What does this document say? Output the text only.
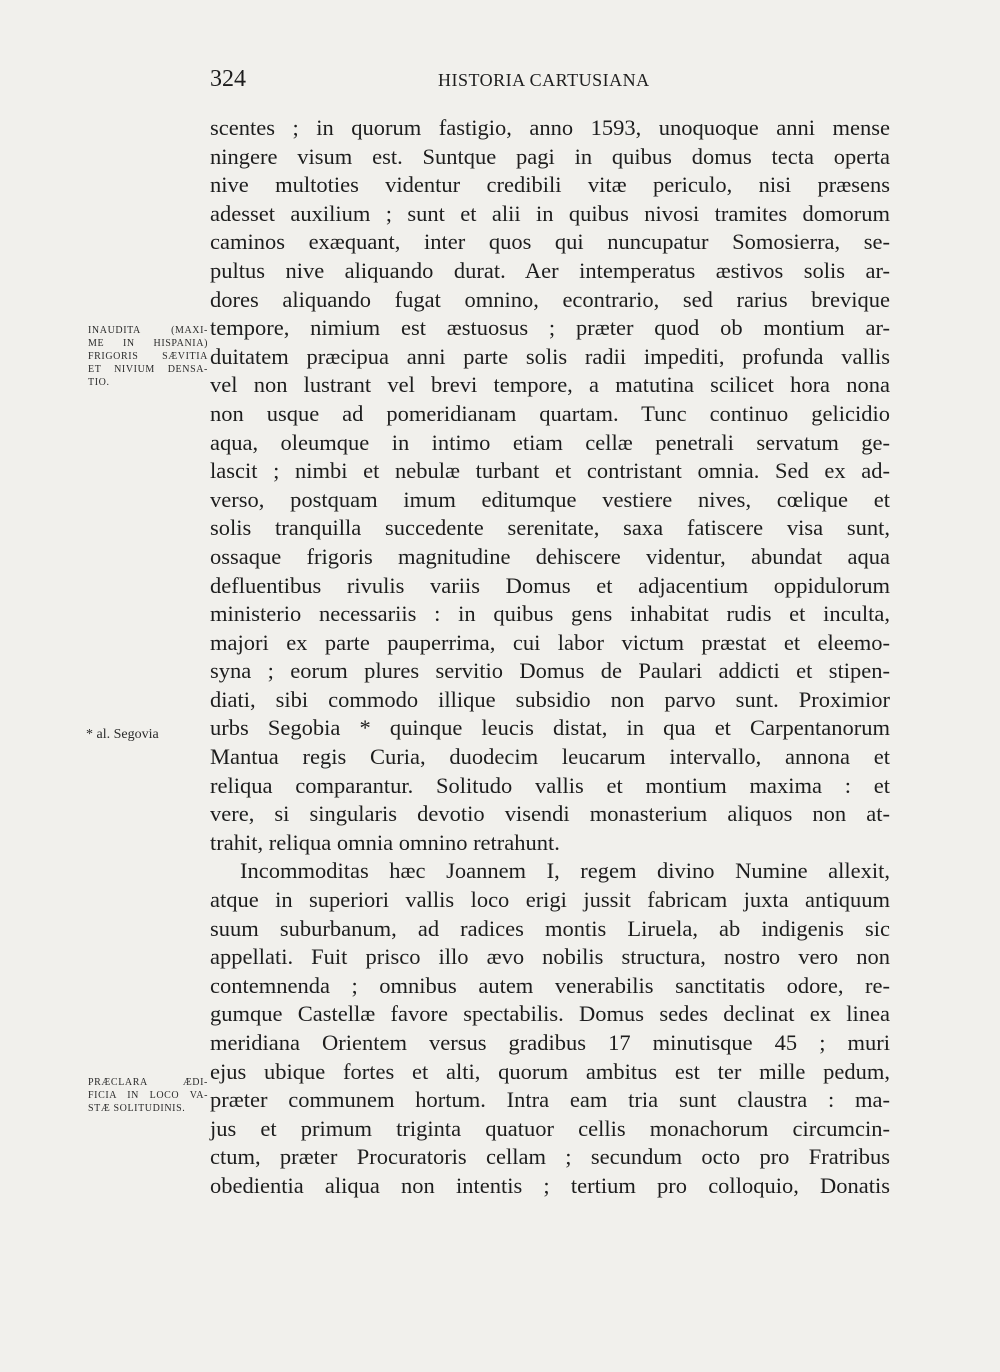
324	HISTORIA CARTUSIANA
INAUDITA (MAXI-
ME IN HISPANIA)
FRIGORIS SÆVITIA
ET NIVIUM DENSA-
TIO.
* al. Segovia
PRÆCLARA ÆDI-
FICIA IN LOCO VA-
STÆ SOLITUDINIS.
scentes ; in quorum fastigio, anno 1593, unoquoque anni mense
ningere visum est. Suntque pagi in quibus domus tecta operta
nive multoties videntur credibili vitæ periculo, nisi præsens
adesset auxilium ; sunt et alii in quibus nivosi tramites domorum
caminos exæquant, inter quos qui nuncupatur Somosierra, se-
pultus nive aliquando durat. Aer intemperatus æstivos solis ar-
dores aliquando fugat omnino, econtrario, sed rarius brevique
tempore, nimium est æstuosus ; præter quod ob montium ar-
duitatem præcipua anni parte solis radii impediti, profunda vallis
vel non lustrant vel brevi tempore, a matutina scilicet hora nona
non usque ad pomeridianam quartam. Tunc continuo gelicidio
aqua, oleumque in intimo etiam cellæ penetrali servatum ge-
lascit ; nimbi et nebulæ turbant et contristant omnia. Sed ex ad-
verso, postquam imum editumque vestiere nives, cœlique et
solis tranquilla succedente serenitate, saxa fatiscere visa sunt,
ossaque frigoris magnitudine dehiscere videntur, abundat aqua
defluentibus rivulis variis Domus et adjacentium oppidulorum
ministerio necessariis : in quibus gens inhabitat rudis et inculta,
majori ex parte pauperrima, cui labor victum præstat et eleemo-
syna ; eorum plures servitio Domus de Paulari addicti et stipen-
diati, sibi commodo illique subsidio non parvo sunt. Proximior
urbs Segobia * quinque leucis distat, in qua et Carpentanorum
Mantua regis Curia, duodecim leucarum intervallo, annona et
reliqua comparantur. Solitudo vallis et montium maxima : et
vere, si singularis devotio visendi monasterium aliquos non at-
trahit, reliqua omnia omnino retrahunt.
Incommoditas hæc Joannem I, regem divino Numine allexit,
atque in superiori vallis loco erigi jussit fabricam juxta antiquum
suum suburbanum, ad radices montis Liruela, ab indigenis sic
appellati. Fuit prisco illo ævo nobilis structura, nostro vero non
contemnenda ; omnibus autem venerabilis sanctitatis odore, re-
gumque Castellæ favore spectabilis. Domus sedes declinat ex linea
meridiana Orientem versus gradibus 17 minutisque 45 ; muri
ejus ubique fortes et alti, quorum ambitus est ter mille pedum,
præter communem hortum. Intra eam tria sunt claustra : ma-
jus et primum triginta quatuor cellis monachorum circumcin-
ctum, præter Procuratoris cellam ; secundum octo pro Fratribus
obedientia aliqua non intentis ; tertium pro colloquio, Donatis
